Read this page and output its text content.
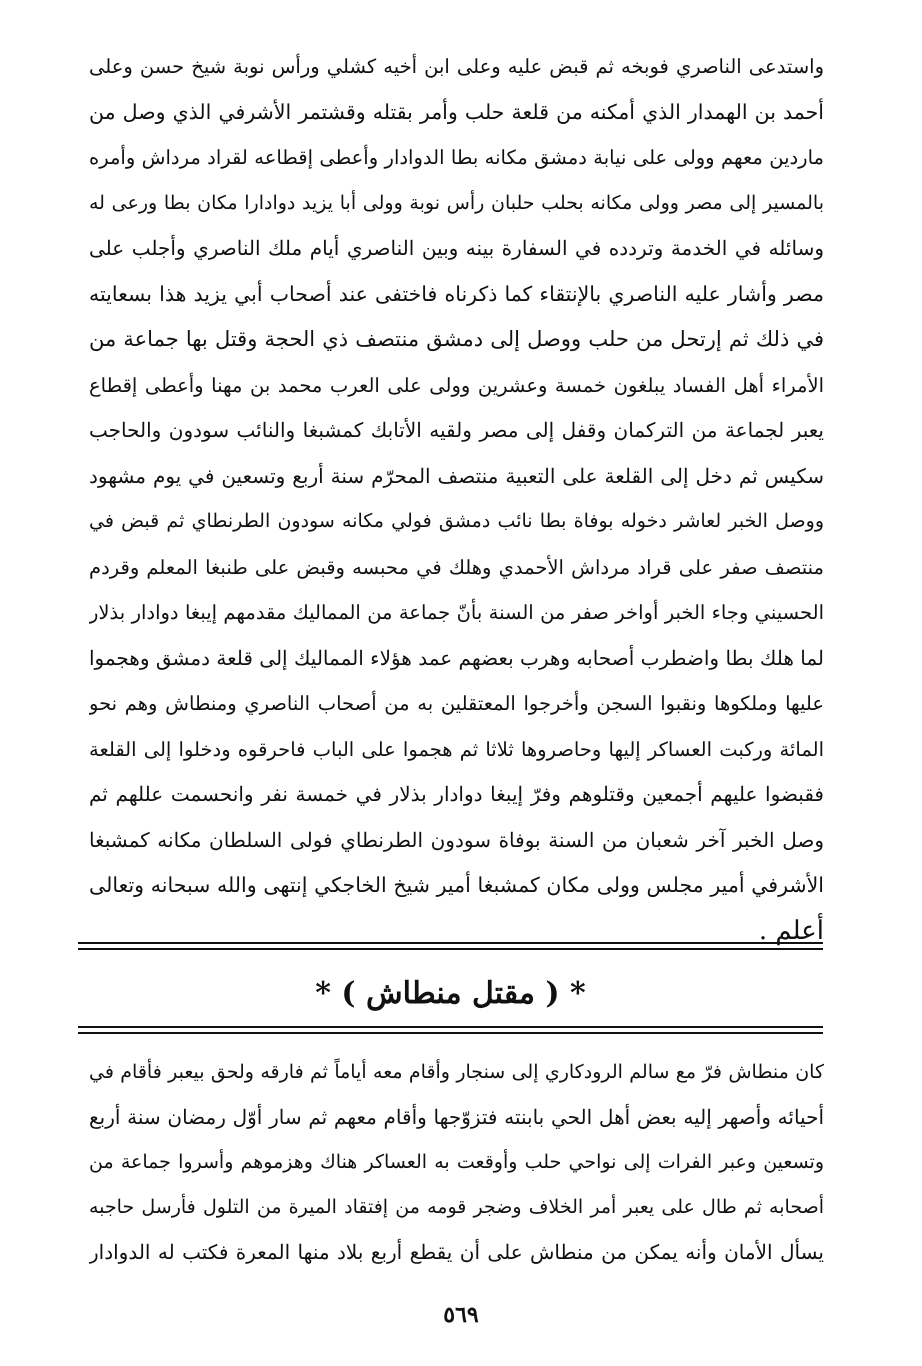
واستدعى الناصري فوبخه ثم قبض عليه وعلى ابن أخيه كشلي ورأس نوبة شيخ حسن وعلى
أحمد بن الهمدار الذي أمكنه من قلعة حلب وأمر بقتله وقشتمر الأشرفي الذي وصل من
ماردين معهم وولى على نيابة دمشق مكانه بطا الدوادار وأعطى إقطاعه لقراد مرداش وأمره
بالمسير إلى مصر وولى مكانه بحلب حلبان رأس نوبة وولى أبا يزيد دوادارا مكان بطا ورعى له
وسائله في الخدمة وتردده في السفارة بينه وبين الناصري أيام ملك الناصري وأجلب على
مصر وأشار عليه الناصري بالإنتقاء كما ذكرناه فاختفى عند أصحاب أبي يزيد هذا بسعايته
في ذلك ثم إرتحل من حلب ووصل إلى دمشق منتصف ذي الحجة وقتل بها جماعة من
الأمراء أهل الفساد يبلغون خمسة وعشرين وولى على العرب محمد بن مهنا وأعطى إقطاع
يعبر لجماعة من التركمان وقفل إلى مصر ولقيه الأتابك كمشبغا والنائب سودون والحاجب
سكيس ثم دخل إلى القلعة على التعبية منتصف المحرّم سنة أربع وتسعين في يوم مشهود
ووصل الخبر لعاشر دخوله بوفاة بطا نائب دمشق فولي مكانه سودون الطرنطاي ثم قبض في
منتصف صفر على قراد مرداش الأحمدي وهلك في محبسه وقبض على طنبغا المعلم وقردم
الحسيني وجاء الخبر أواخر صفر من السنة بأنّ جماعة من المماليك مقدمهم إيبغا دوادار بذلار
لما هلك بطا واضطرب أصحابه وهرب بعضهم عمد هؤلاء المماليك إلى قلعة دمشق وهجموا
عليها وملكوها ونقبوا السجن وأخرجوا المعتقلين به من أصحاب الناصري ومنطاش وهم نحو
المائة وركبت العساكر إليها وحاصروها ثلاثا ثم هجموا على الباب فاحرقوه ودخلوا إلى القلعة
فقبضوا عليهم أجمعين وقتلوهم وفرّ إيبغا دوادار بذلار في خمسة نفر وانحسمت عللهم ثم
وصل الخبر آخر شعبان من السنة بوفاة سودون الطرنطاي فولى السلطان مكانه كمشبغا
الأشرفي أمير مجلس وولى مكان كمشبغا أمير شيخ الخاجكي إنتهى والله سبحانه وتعالى
أعلم .
* ( مقتل منطاش ) *
كان منطاش فرّ مع سالم الرودكاري إلى سنجار وأقام معه أياماً ثم فارقه ولحق بيعبر فأقام في
أحيائه وأصهر إليه بعض أهل الحي بابنته فتزوّجها وأقام معهم ثم سار أوّل رمضان سنة أربع
وتسعين وعبر الفرات إلى نواحي حلب وأوقعت به العساكر هناك وهزموهم وأسروا جماعة من
أصحابه ثم طال على يعبر أمر الخلاف وضجر قومه من إفتقاد الميرة من التلول فأرسل حاجبه
يسأل الأمان وأنه يمكن من منطاش على أن يقطع أربع بلاد منها المعرة فكتب له الدوادار
٥٦٩
